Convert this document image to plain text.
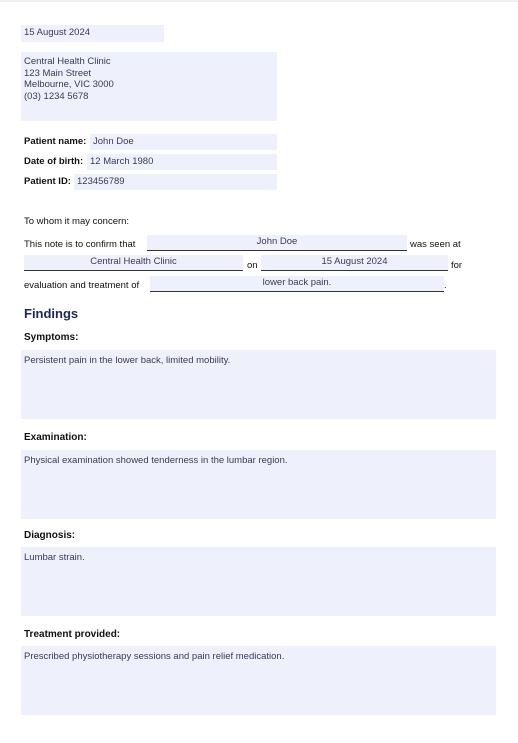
15 August 2024
Central Health Clinic
123 Main Street
Melbourne, VIC 3000
(03) 1234 5678
Patient name: John Doe
Date of birth: 12 March 1980
Patient ID: 123456789
To whom it may concern:
This note is to confirm that	John Doe	was seen at
Central Health Clinic	on	15 August 2024	for
evaluation and treatment of	lower back pain.	.
Findings
Symptoms:
Persistent pain in the lower back, limited mobility.
Examination:
Physical examination showed tenderness in the lumbar region.
Diagnosis:
Lumbar strain.
Treatment provided:
Prescribed physiotherapy sessions and pain relief medication.
